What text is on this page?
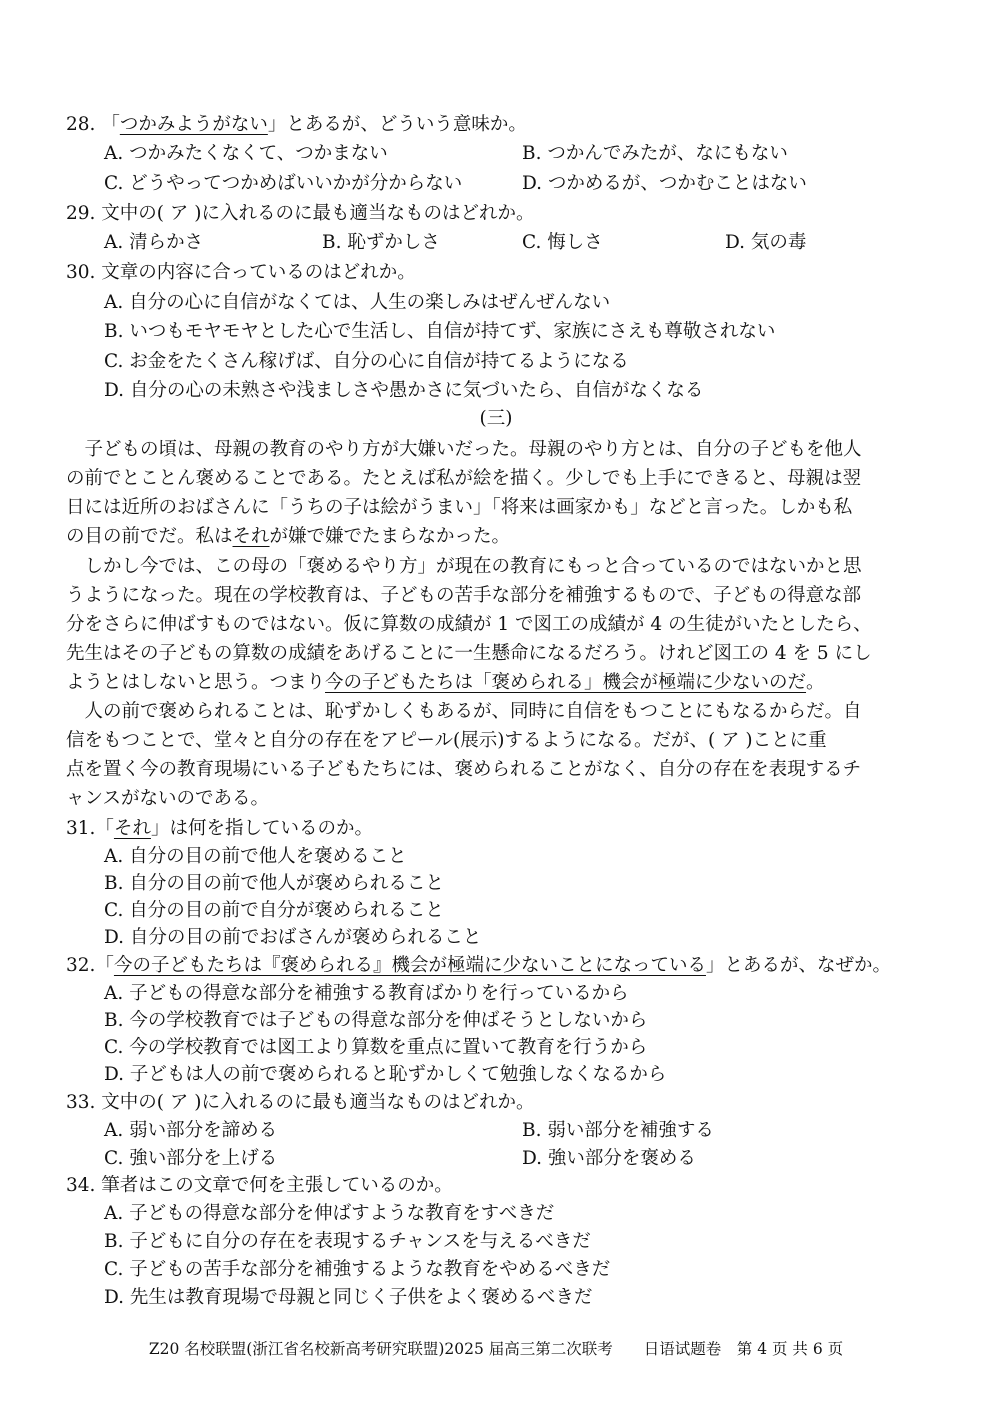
28. 「つかみようがない」とあるが、どういう意味か。
A. つかみたくなくて、つかまない	B. つかんでみたが、なにもない
C. どうやってつかめばいいかが分からない	D. つかめるが、つかむことはない
29. 文中の( ア )に入れるのに最も適当なものはどれか。
A. 清らかさ	B. 恥ずかしさ	C. 悔しさ	D. 気の毒
30. 文章の内容に合っているのはどれか。
A. 自分の心に自信がなくては、人生の楽しみはぜんぜんない
B. いつもモヤモヤとした心で生活し、自信が持てず、家族にさえも尊敬されない
C. お金をたくさん稼げば、自分の心に自信が持てるようになる
D. 自分の心の未熟さや浅ましさや愚かさに気づいたら、自信がなくなる
(三)
　子どもの頃は、母親の教育のやり方が大嫌いだった。母親のやり方とは、自分の子どもを他人
の前でとことん褒めることである。たとえば私が絵を描く。少しでも上手にできると、母親は翌
日には近所のおばさんに「うちの子は絵がうまい」「将来は画家かも」などと言った。しかも私
の目の前でだ。私はそれが嫌で嫌でたまらなかった。
　しかし今では、この母の「褒めるやり方」が現在の教育にもっと合っているのではないかと思
うようになった。現在の学校教育は、子どもの苦手な部分を補強するもので、子どもの得意な部
分をさらに伸ばすものではない。仮に算数の成績が 1 で図工の成績が 4 の生徒がいたとしたら、
先生はその子どもの算数の成績をあげることに一生懸命になるだろう。けれど図工の 4 を 5 にし
ようとはしないと思う。つまり今の子どもたちは「褒められる」機会が極端に少ないのだ。
　人の前で褒められることは、恥ずかしくもあるが、同時に自信をもつことにもなるからだ。自
信をもつことで、堂々と自分の存在をアピール(展示)するようになる。だが、( ア )ことに重
点を置く今の教育現場にいる子どもたちには、褒められることがなく、自分の存在を表現するチ
ャンスがないのである。
31.「それ」は何を指しているのか。
A. 自分の目の前で他人を褒めること
B. 自分の目の前で他人が褒められること
C. 自分の目の前で自分が褒められること
D. 自分の目の前でおばさんが褒められること
32.「今の子どもたちは『褒められる』機会が極端に少ないことになっている」とあるが、なぜか。
A. 子どもの得意な部分を補強する教育ばかりを行っているから
B. 今の学校教育では子どもの得意な部分を伸ばそうとしないから
C. 今の学校教育では図工より算数を重点に置いて教育を行うから
D. 子どもは人の前で褒められると恥ずかしくて勉強しなくなるから
33. 文中の( ア )に入れるのに最も適当なものはどれか。
A. 弱い部分を諦める	B. 弱い部分を補強する
C. 強い部分を上げる	D. 強い部分を褒める
34. 筆者はこの文章で何を主張しているのか。
A. 子どもの得意な部分を伸ばすような教育をすべきだ
B. 子どもに自分の存在を表現するチャンスを与えるべきだ
C. 子どもの苦手な部分を補強するような教育をやめるべきだ
D. 先生は教育現場で母親と同じく子供をよく褒めるべきだ
Z20 名校联盟(浙江省名校新高考研究联盟)2025 届高三第二次联考　　日语试题卷　第 4 页 共 6 页
